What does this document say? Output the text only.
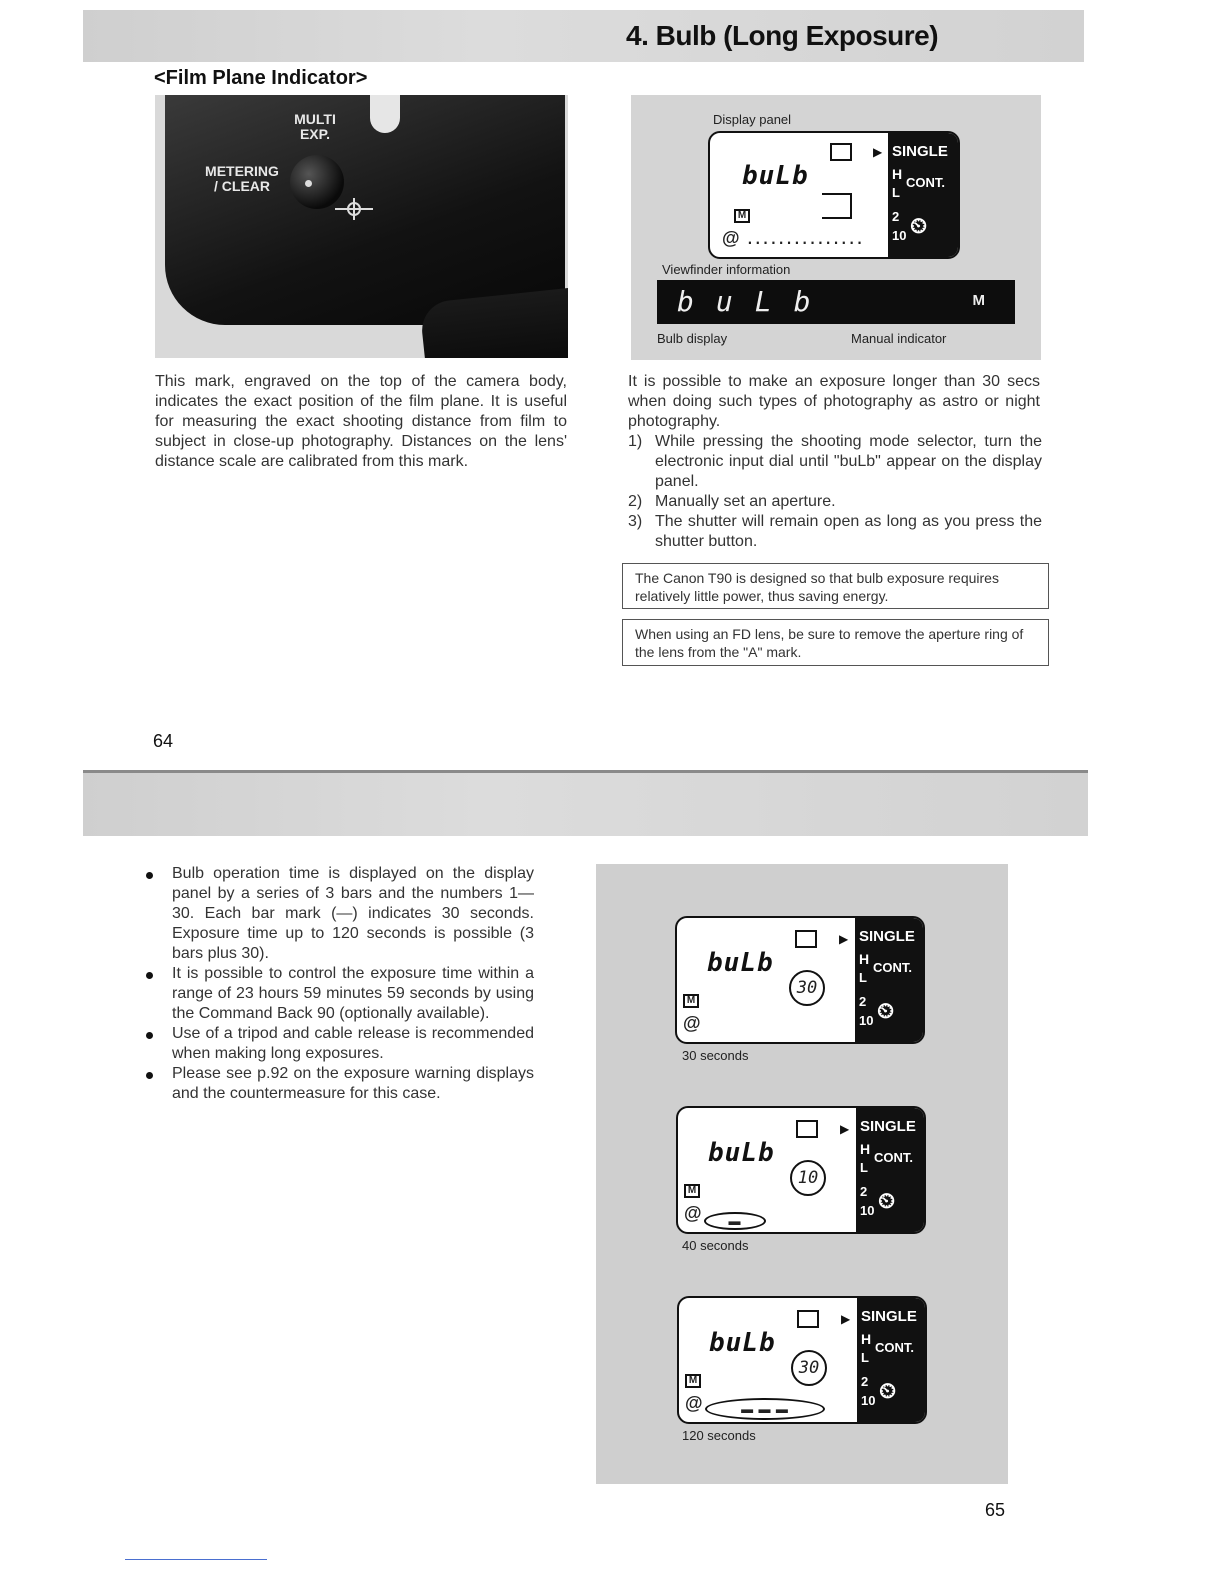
4. Bulb (Long Exposure)
<Film Plane Indicator>
MULTI
EXP.
METERING
/ CLEAR
This mark, engraved on the top of the camera body, indicates the exact position of the film plane. It is useful for measuring the exact shooting distance from film to subject in close-up photography. Distances on the lens' distance scale are calibrated from this mark.
Display panel
▶
buLb
M
@ ...............
SINGLE
H
CONT.
L
2
10 ⏲
Viewfinder information
buLb	M
Bulb display	Manual indicator
It is possible to make an exposure longer than 30 secs when doing such types of photography as astro or night photography.
1) While pressing the shooting mode selector, turn the electronic input dial until "buLb" appear on the display panel.
2) Manually set an aperture.
3) The shutter will remain open as long as you press the shutter button.
The Canon T90 is designed so that bulb exposure requires relatively little power, thus saving energy.
When using an FD lens, be sure to remove the aperture ring of the lens from the "A" mark.
64
Bulb operation time is displayed on the display panel by a series of 3 bars and the numbers 1—30. Each bar mark (—) indicates 30 seconds. Exposure time up to 120 seconds is possible (3 bars plus 30).
It is possible to control the exposure time within a range of 23 hours 59 minutes 59 seconds by using the Command Back 90 (optionally available).
Use of a tripod and cable release is recommended when making long exposures.
Please see p.92 on the exposure warning displays and the countermeasure for this case.
▶
buLb
30
M
@
SINGLE
H
CONT.
L
2
10 ⏲
30 seconds
▶
buLb
10
M
@	▬
SINGLE
H
CONT.
L
2
10 ⏲
40 seconds
▶
buLb
30
M
@	▬ ▬ ▬
SINGLE
H
CONT.
L
2
10 ⏲
120 seconds
65
